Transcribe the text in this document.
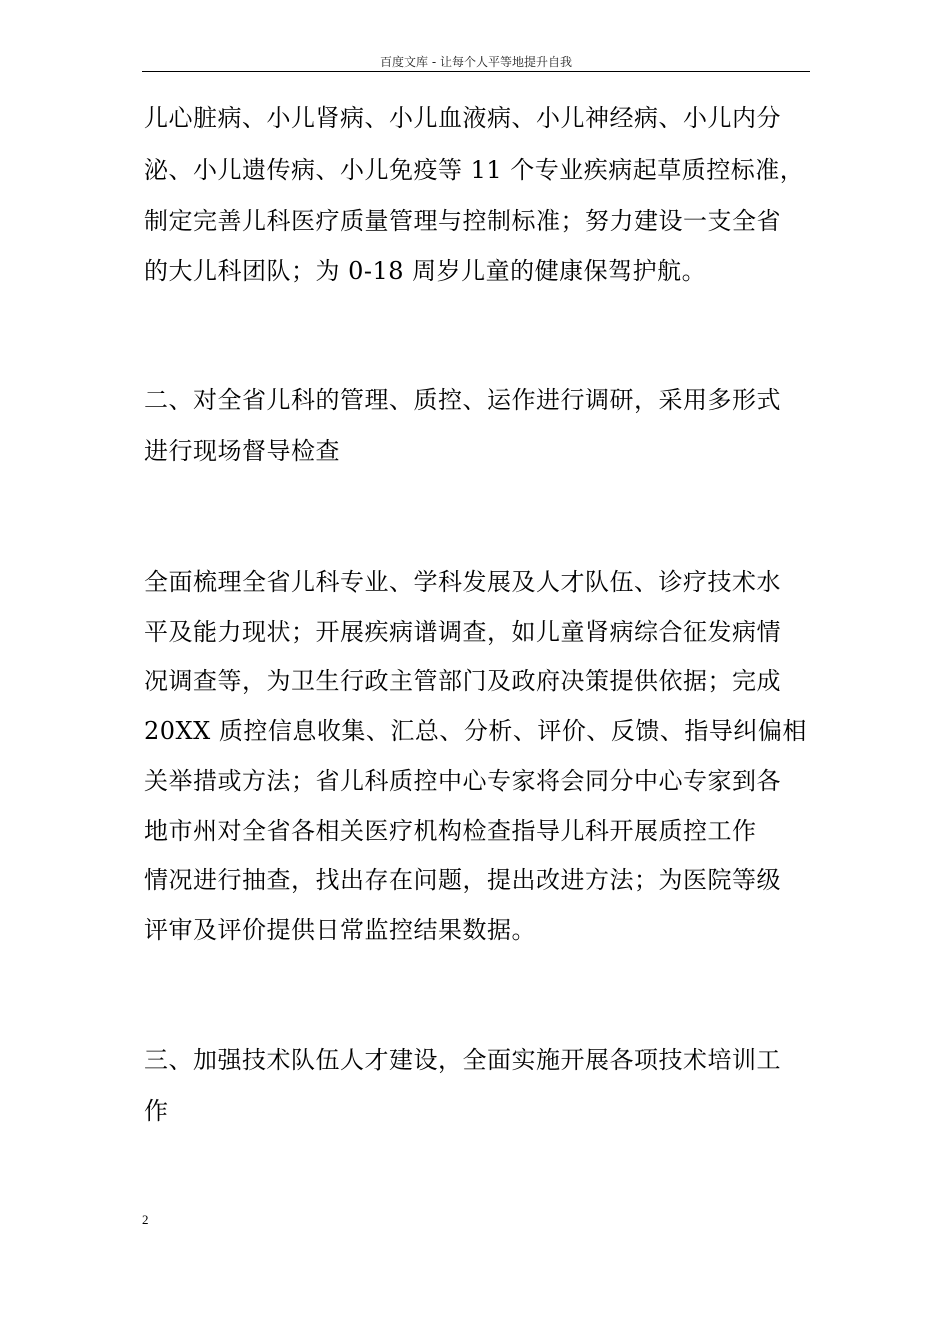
百度文库 - 让每个人平等地提升自我
儿心脏病、小儿肾病、小儿血液病、小儿神经病、小儿内分
泌、小儿遗传病、小儿免疫等 11 个专业疾病起草质控标准，
制定完善儿科医疗质量管理与控制标准；努力建设一支全省
的大儿科团队；为 0-18 周岁儿童的健康保驾护航。
二、对全省儿科的管理、质控、运作进行调研，采用多形式
进行现场督导检查
全面梳理全省儿科专业、学科发展及人才队伍、诊疗技术水
平及能力现状；开展疾病谱调查，如儿童肾病综合征发病情
况调查等，为卫生行政主管部门及政府决策提供依据；完成
20XX 质控信息收集、汇总、分析、评价、反馈、指导纠偏相
关举措或方法；省儿科质控中心专家将会同分中心专家到各
地市州对全省各相关医疗机构检查指导儿科开展质控工作
情况进行抽查，找出存在问题，提出改进方法；为医院等级
评审及评价提供日常监控结果数据。
三、加强技术队伍人才建设，全面实施开展各项技术培训工
作
2
